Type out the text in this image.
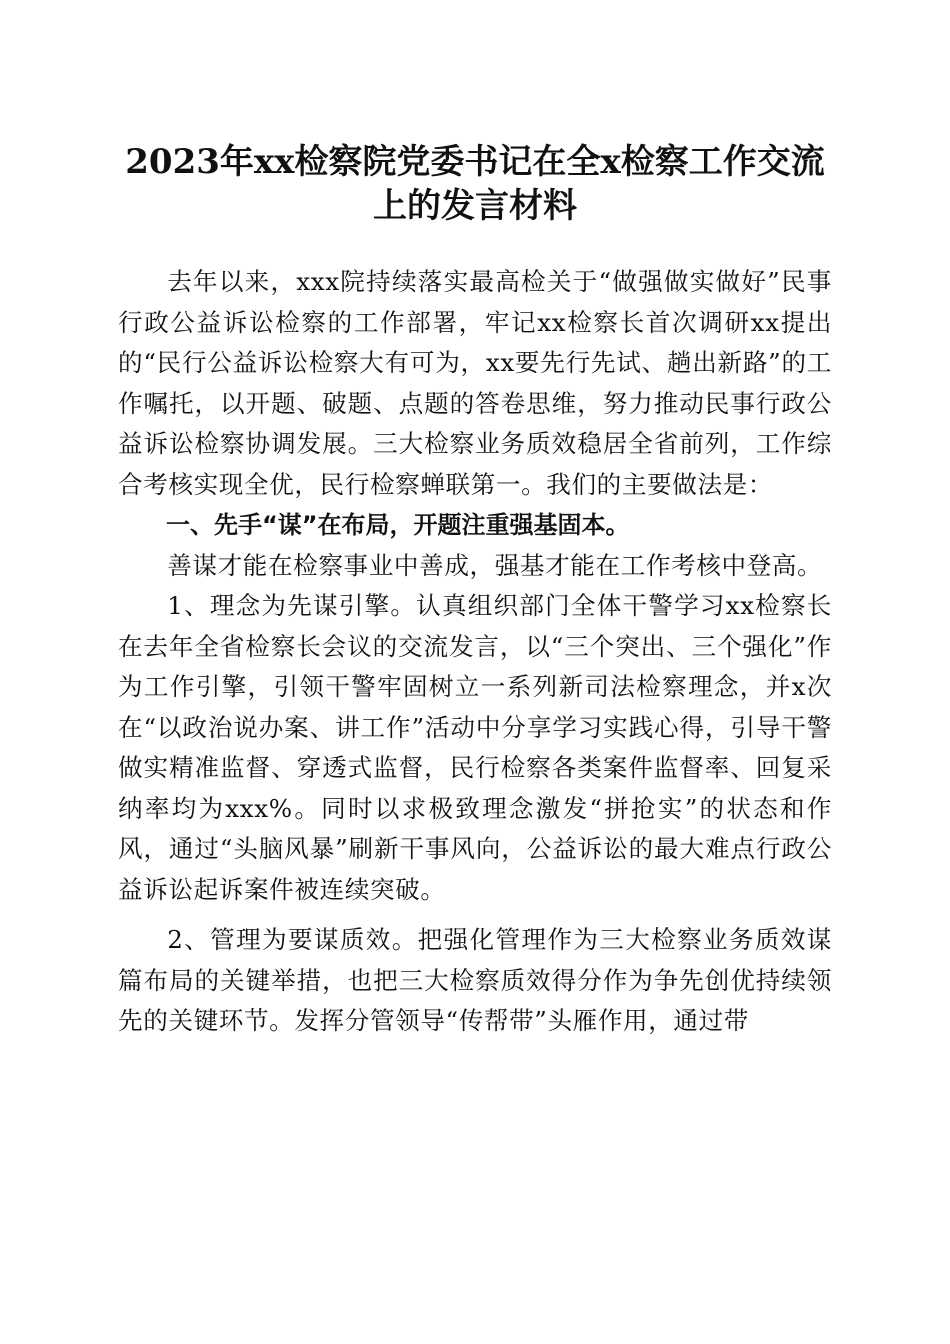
2023年xx检察院党委书记在全x检察工作交流上的发言材料

去年以来，xxx院持续落实最高检关于“做强做实做好”民事行政公益诉讼检察的工作部署，牢记xx检察长首次调研xx提出的“民行公益诉讼检察大有可为，xx要先行先试、趟出新路”的工作嘱托，以开题、破题、点题的答卷思维，努力推动民事行政公益诉讼检察协调发展。三大检察业务质效稳居全省前列，工作综合考核实现全优，民行检察蝉联第一。我们的主要做法是：

一、先手“谋”在布局，开题注重强基固本。

善谋才能在检察事业中善成，强基才能在工作考核中登高。

1、理念为先谋引擎。认真组织部门全体干警学习xx检察长在去年全省检察长会议的交流发言，以“三个突出、三个强化”作为工作引擎，引领干警牢固树立一系列新司法检察理念，并x次在“以政治说办案、讲工作”活动中分享学习实践心得，引导干警做实精准监督、穿透式监督，民行检察各类案件监督率、回复采纳率均为xxx%。同时以求极致理念激发“拼抢实”的状态和作风，通过“头脑风暴”刷新干事风向，公益诉讼的最大难点行政公益诉讼起诉案件被连续突破。

2、管理为要谋质效。把强化管理作为三大检察业务质效谋篇布局的关键举措，也把三大检察质效得分作为争先创优持续领先的关键环节。发挥分管领导“传帮带”头雁作用，通过带
